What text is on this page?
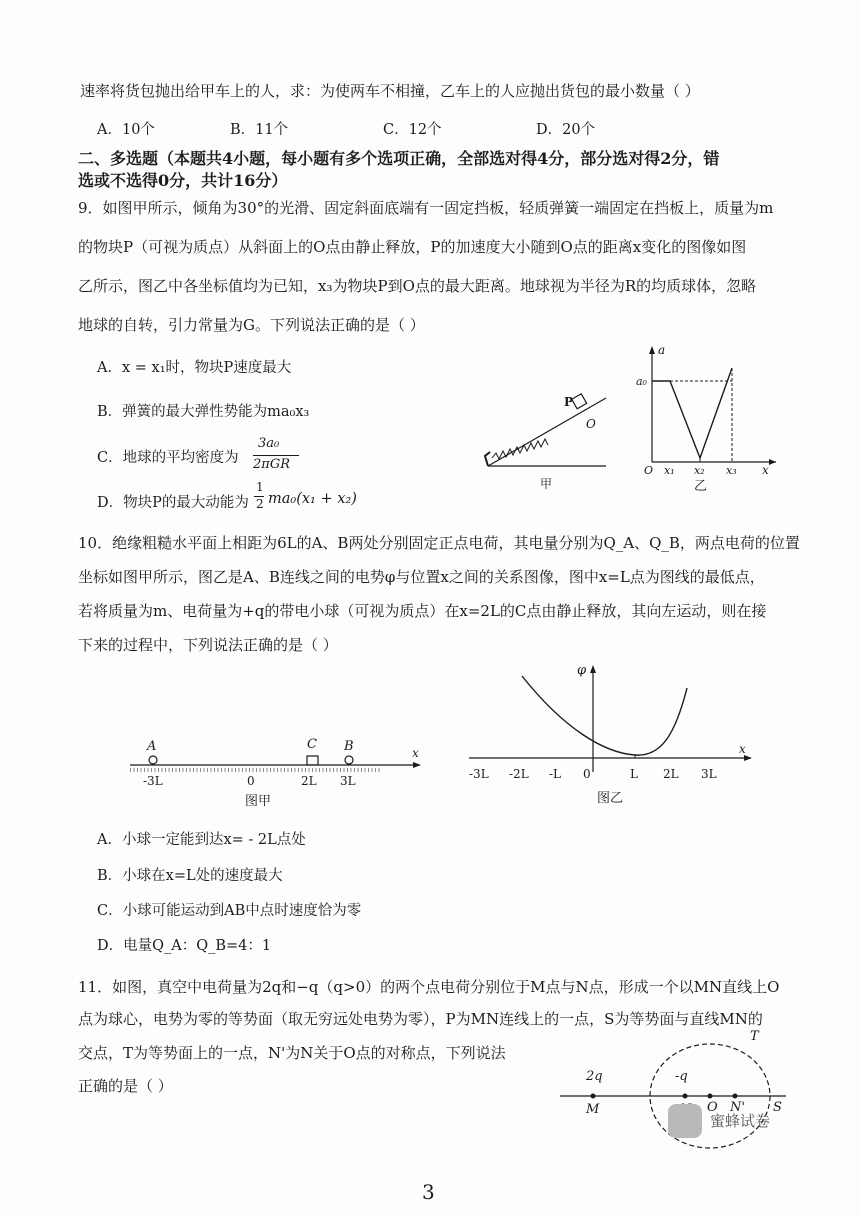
速率将货包抛出给甲车上的人，求：为使两车不相撞，乙车上的人应抛出货包的最小数量（ ）
A．10个	B．11个	C．12个	D．20个
二、多选题（本题共4小题，每小题有多个选项正确，全部选对得4分，部分选对得2分，错
选或不选得0分，共计16分）
9．如图甲所示，倾角为30°的光滑、固定斜面底端有一固定挡板，轻质弹簧一端固定在挡板上，质量为m
的物块P（可视为质点）从斜面上的O点由静止释放，P的加速度大小随到O点的距离x变化的图像如图
乙所示，图乙中各坐标值均为已知，x₃为物块P到O点的最大距离。地球视为半径为R的均质球体，忽略
地球的自转，引力常量为G。下列说法正确的是（ ）
A．x = x₁时，物块P速度最大
B．弹簧的最大弹性势能为ma₀x₃
C．地球的平均密度为
3a₀
2πGR
D．物块P的最大动能为
1
2 ma₀(x₁ + x₂)
P
O
甲
a
x
O
a₀
x₁ x₂ x₃
乙
10．绝缘粗糙水平面上相距为6L的A、B两处分别固定正点电荷，其电量分别为Q_A、Q_B，两点电荷的位置
坐标如图甲所示，图乙是A、B连线之间的电势φ与位置x之间的关系图像，图中x=L点为图线的最低点，
若将质量为m、电荷量为+q的带电小球（可视为质点）在x=2L的C点由静止释放，其向左运动，则在接
下来的过程中，下列说法正确的是（ ）
A	C B	x
-3L	0	2L 3L
图甲
φ
x
-3L -2L -L 0	L 2L 3L
图乙
A．小球一定能到达x= - 2L点处
B．小球在x=L处的速度最大
C．小球可能运动到AB中点时速度恰为零
D．电量Q_A：Q_B=4：1
11．如图，真空中电荷量为2q和−q（q>0）的两个点电荷分别位于M点与N点，形成一个以MN直线上O
点为球心，电势为零的等势面（取无穷远处电势为零），P为MN连线上的一点，S为等势面与直线MN的
交点，T为等势面上的一点，N'为N关于O点的对称点，下列说法
正确的是（ ）
2q	-q
M	O N' S
T
蜜蜂试卷
3
